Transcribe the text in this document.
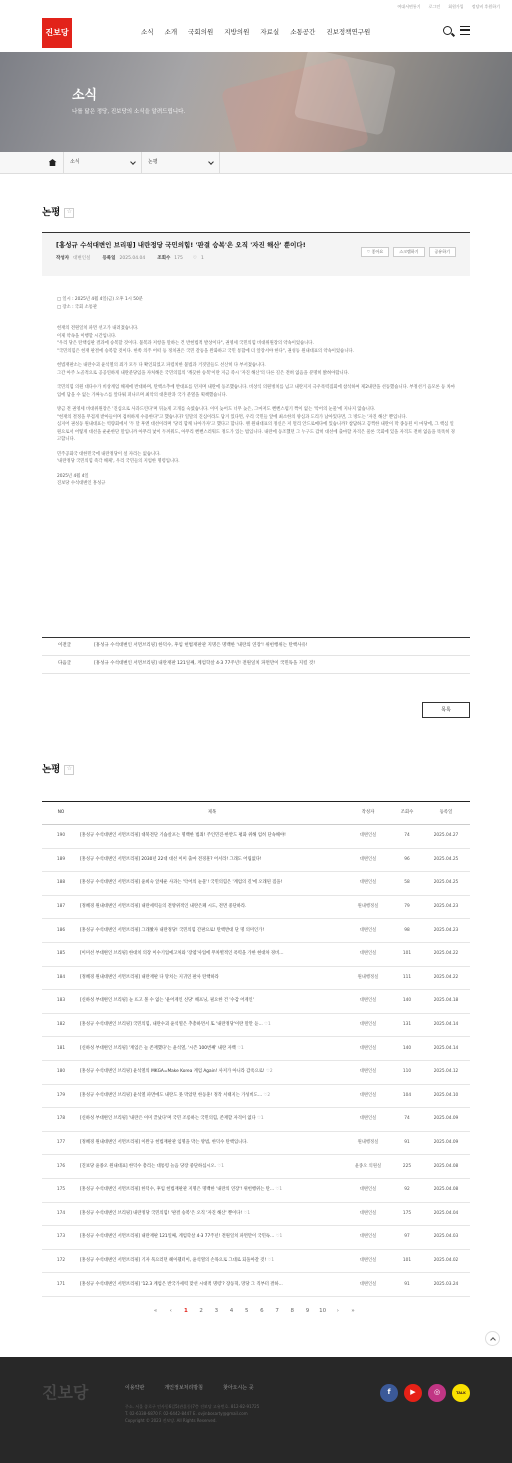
여대서면통기 로그인 회원가입 정당비 후원하기
진보당	소식 소개 국회의원 지방의원 자료실 소통공간 진보정책연구원
소식
나를 닮은 정당, 진보당의 소식을 알려드립니다.
소식	논평
논평	☆
[홍성규 수석대변인 브리핑] 내란정당 국민의힘! '판결 승복'은 오직 '자진 해산' 뿐이다!
작성자 대변인실	등록일 2025.04.04	조회수 175 ♡ 1
♡ 좋아요	스크랩하기	공유하기

□ 일시 : 2025년 4월 4일(금) 오후 1시 50분

□ 장소 : 국회 소통관

헌재의 전원일치 파면 선고가 내려졌습니다.
이제 약속을 이행할 시간입니다.
"우리 당은 탄핵심판 결과에 승복할 것이다. 불복과 저항을 말하는 건 반헌법적 발상이다", 권영세 국민의힘 비대위원장의 약속이었습니다.
"국민의힘은 헌재 판결에 승복할 것이다. 한쪽 의주 어떠 등 정치권은 국민 갈등을 완화하고 국민 통합에 더 앞장서야 한다", 권성동 원내대표의 약속이었습니다.

헌법재판소는 내란수괴 윤석열의 죄가 모두 다 확인되었고 파렴치한 불법과 거짓말들도 선산히 다 부서졌습니다.
그간 아주 노골적으로 공공연하게 내란분당임을 자처해온 국민의힘의 '깨끗한 승복'이란 지금 즉시 '자진 해산'의 다른 길은 전혀 없음을 분명히 밝혀야합니다.

국민의힘 의원 대다수가 비상계엄 해제에 반대하며, 탄핵소추에 반대표를 던지며 내란에 동조했습니다. 비상식 의원벙치를 넘고 내란지지 극우폭력집회에 참석하여 제2내란을 선동했습니다. 부정선거 음모론 등 차마 입에 담을 수 없는 가짜뉴스를 앞다퉈 퍼나르며 최악의 대혼란과 국가 분열을 획책했습니다.

방금 전 권영세 비대위원장은 '진심으로 사과드린다'며 뒤늦게 고개를 숙였습니다. 이미 늦어도 너무 늦은, 그마저도 뻔뻔스럽기 짝이 없는 '악어의 눈물'에 지나지 않습니다.
"헌재의 결정을 무겁게 받아들이며 겸허하게 수용한다"고 했습니다? 일말의 진심이라도 담겨 있다면, 우리 국민들 앞에 최소한의 양심과 도리가 남아있다면, 그 방도는 '자진 해산' 뿐입니다.
심지어 권성동 원내대표는 역량회에서 '두 달 후엔 대선이라며 '당리 함께 나아가자'고 했다고 합니다. 왠 원내대표의 정신은 저 멀리 안드로메다에 있습니까? 참담하고 끔찍한 내란이 막 종동된 이 마당에, 그 핵심 일원으로서 어떻게 대선을 운운한단 말입니까 아무리 낯이 두꺼워도, 아무리 뻔뻔스러워도 정도가 있는 법입니다. 내란에 동조했던 그 누구도 감히 대선에 출마할 자격은 물론 국회에 있을 자격도 전혀 없음을 똑똑히 경고합니다.

민주공화국 대한민국에 내란정당이 설 자리는 없습니다.
'내란정당 국민의힘 즉각 해체', 우리 국민들의 지엄한 명령입니다.

2025년 4월 4일
진보당 수석대변인 홍성규

이전글	[홍성규 수석대변인 서면브리핑] 한덕수, 후임 헌법재판관 지명은 명백한 '내란의 연장'! 위헌행위는 탄핵사유!
다음글	[홍성규 수석대변인 서면브리핑] 내란재판 121일째, 계엄학살 4·3 77주년! 전원일치 파면만이 국민독을 지킬 것!
목록
논평	☆
NO	제목	작성자	조회수	등록일
190	[홍성규 수석대변인 서면브리핑] 대북전단 기습살포는 명백한 범죄! 주인민진·한반도 평화 위해 엄히 단속해야!	대변인실	74	2025.04.27
189	[홍성규 수석대변인 서면브리핑] 2030년 22대 대선 이미 출마 전경훈? 어서라! 그래도 어림없다!	대변인실	96	2025.04.25
188	[홍성규 수석대변인 서면브리핑] 윤희숙 앞세운 사과는 '악어의 눈물'! 국민의힘은 '계엄의 길'에 오래된 짐을!	대변인실	58	2025.04.25
187	[정혜경 원내대변인 서면브리핑] 내란세력들의 전방위적인 내란은폐 시도, 전면 중단하라.	원내행정실	79	2025.04.23
186	[홍성규 수석대변인 서면브리핑] 그래봤자 내란정당! 국민의힘 간판으로! 탄핵반대 단 명 의미인가!	대변인실	98	2025.04.23
185	[이미선 부대변인 브리핑] 한대치 의장 이수기업예고처와 '장엽'사업에 무차별적인 폭력을 가한 현대차 경비…	대변인실	101	2025.04.22
184	[정혜경 원내대변인 서면브리핑] 내란재판 다 망치는 지귀연 판사 탄핵하라	원내행정실	111	2025.04.22
183	[신하성 부대변인 브리핑] 눈 뜨고 볼 수 없는 '윤어게인 신당' 해프닝, 필요한 건 '수감 어게인'	대변인실	140	2025.04.18
182	[홍성규 수석대변인 브리핑] 국민의힘, 내란수괴 윤석열은 추총하면서 또 '내란정당'이란 말만 듣… ♡1	대변인실	131	2025.04.14
181	[신하성 부대변인 브리핑] '계엄은 늘 존재했다'는 윤석열, '시즌 100번째' 내란 자백 ♡1	대변인실	140	2025.04.14
180	[홍성규 수석대변인 브리핑] 윤석열의 MKGA=Make Korea 계엄 Again! 사저가 아니라 감옥으로! ♡2	대변인실	110	2025.04.12
179	[홍성규 수석대변인 브리핑] 윤석열 파면에도 내란도 못 막았던 한동훈! 정작 서태지는 가성비도… ♡2	대변인실	104	2025.04.10
178	[신하성 부대변인 브리핑] '내란은 이미 끝났다'며 국민 조롱하는 국민의힘, 존재할 자격이 없다 ♡1	대변인실	74	2025.04.09
177	[정혜경 원내대변인 서면브리핑] 이완규 헌법재판관 임명을 막는 방법, 한덕수 탄핵입니다.	원내행정실	91	2025.04.09
176	[진보당 윤종오 원내대표] 한덕수 총리는 대통령 놀음 당장 중단하십시오. ♡1	윤종오 의원실	225	2025.04.08
175	[홍성규 수석대변인 서면브리핑] 한덕수, 후임 헌법재판관 지명은 명백한 '내란의 연장'! 위헌행위는 탄… ♡1	대변인실	92	2025.04.08
174	[홍성규 수석대변인 브리핑] 내란정당 국민의힘! '판결 승복'은 오직 '자진 해산' 뿐이다! ♡1	대변인실	175	2025.04.04
173	[홍성규 수석대변인 서면브리핑] 내란재판 121일째, 계엄학살 4·3 77주년! 전원일치 파면만이 국민독… ♡1	대변인실	97	2025.04.03
172	[홍성규 수석대변인 서면브리핑] 기자 묵으러던 헤이웰터이, 윤석열의 손목으로 그대로 되돌아갈 것! ♡1	대변인실	101	2025.04.02
171	[홍성규 수석대변인 서면브리핑] '12.3 계엄은 반국가세력 맞선 시대적 명령'? 장동혁, 망당 그 직부터 결하…	대변인실	91	2025.03.24
«	‹	1	2	3	4	5	6	7	8	9	10	›	»
진보당	이용약관	개인정보처리방침	찾아오시는 곳
주소. 서울 종로구 인사동6길5(관훈동)7층 진보당 고유번호. 812-82-91725
T. 02-6338-6870 F. 02-6442-8447 E. ovjinbosarty@gmail.com
Copyright © 2023 진보당. All Rights Reserved.
f	▶	◎	TALK
